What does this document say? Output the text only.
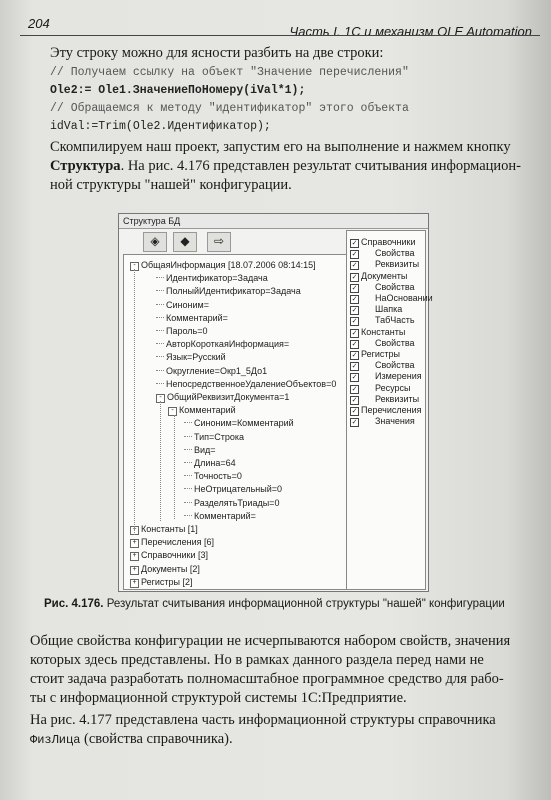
204
Часть I. 1С и механизм OLE Automation
Эту строку можно для ясности разбить на две строки:
// Получаем ссылку на объект "Значение перечисления"
Ole2:= Ole1.ЗначениеПоНомеру(iVal*1);
// Обращаемся к методу "идентификатор" этого объекта
idVal:=Trim(Ole2.Идентификатор);
Скомпилируем наш проект, запустим его на выполнение и нажмем кнопку
Структура. На рис. 4.176 представлен результат считывания информацион-
ной структуры "нашей" конфигурации.
Структура БД
◈	◆	⇨
- ОбщаяИнформация [18.07.2006 08:14:15]
Идентификатор=Задача
ПолныйИдентификатор=Задача
Синоним=
Комментарий=
Пароль=0
АвторКороткаяИнформация=
Язык=Русский
Округление=Окр1_5До1
НепосредственноеУдалениеОбъектов=0
- ОбщийРеквизитДокумента=1
- Комментарий
Синоним=Комментарий
Тип=Строка
Вид=
Длина=64
Точность=0
НеОтрицательный=0
РазделятьТриады=0
Комментарий=
+ Константы [1]
+ Перечисления [6]
+ Справочники [3]
+ Документы [2]
+ Регистры [2]
✓ Справочники
✓ Свойства
✓ Реквизиты
✓ Документы
✓ Свойства
✓ НаОсновании
✓ Шапка
✓ ТабЧасть
✓ Константы
✓ Свойства
✓ Регистры
✓ Свойства
✓ Измерения
✓ Ресурсы
✓ Реквизиты
✓ Перечисления
✓ Значения
Рис. 4.176. Результат считывания информационной структуры "нашей" конфигурации
Общие свойства конфигурации не исчерпываются набором свойств, значения
которых здесь представлены. Но в рамках данного раздела перед нами не
стоит задача разработать полномасштабное программное средство для рабо-
ты с информационной структурой системы 1С:Предприятие.
На рис. 4.177 представлена часть информационной структуры справочника
ФизЛица (свойства справочника).
